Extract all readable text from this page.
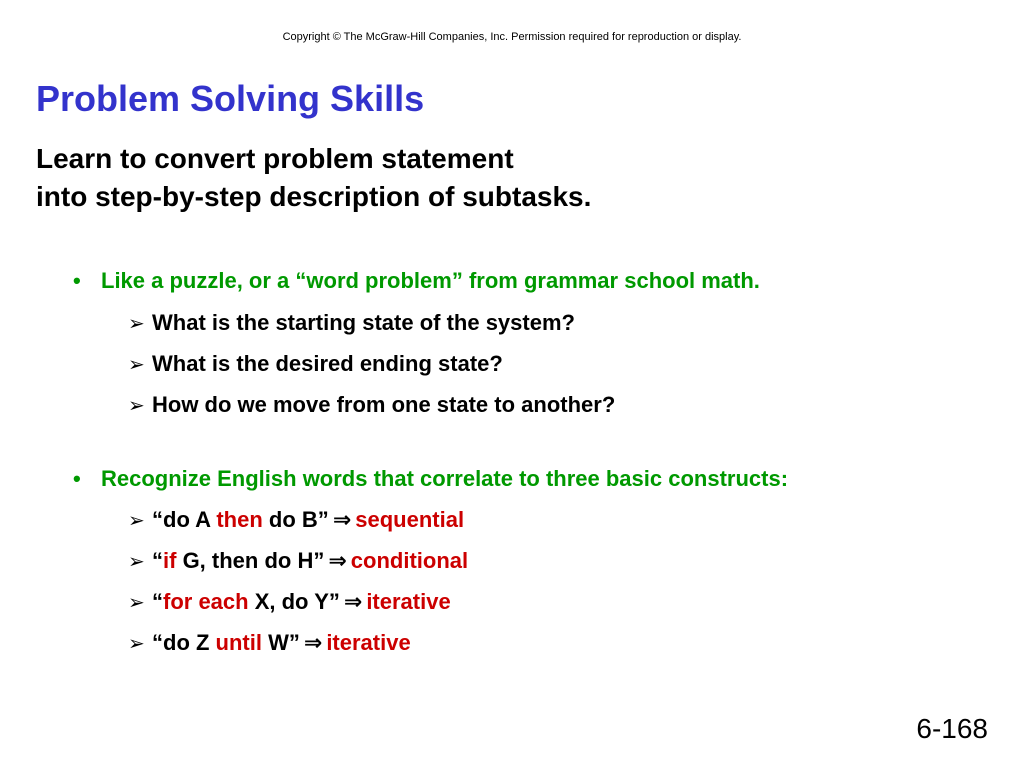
Copyright © The McGraw-Hill Companies, Inc. Permission required for reproduction or display.
Problem Solving Skills
Learn to convert problem statement
into step-by-step description of subtasks.
• Like a puzzle, or a “word problem” from grammar school math.
➢ What is the starting state of the system?
➢ What is the desired ending state?
➢ How do we move from one state to another?
• Recognize English words that correlate to three basic constructs:
➢ “do A then do B” ⇒ sequential
➢ “if G, then do H” ⇒ conditional
➢ “for each X, do Y” ⇒ iterative
➢ “do Z until W” ⇒ iterative
6-168
